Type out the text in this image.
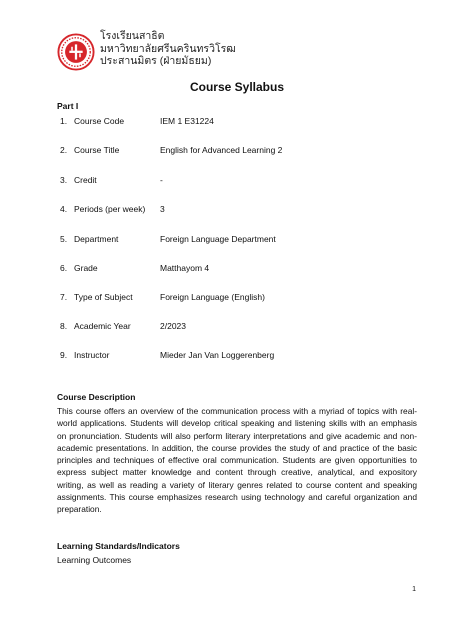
โรงเรียนสาธิต
มหาวิทยาลัยศรีนครินทรวิโรฒ
ประสานมิตร (ฝ่ายมัธยม)
Course Syllabus
Part I
1. Course Code	IEM 1 E31224
2. Course Title	English for Advanced Learning 2
3. Credit	-
4. Periods (per week) 3
5. Department	Foreign Language Department
6. Grade	Matthayom 4
7. Type of Subject	Foreign Language (English)
8. Academic Year	2/2023
9. Instructor	Mieder Jan Van Loggerenberg
Course Description
This course offers an overview of the communication process with a myriad of topics with real-world applications. Students will develop critical speaking and listening skills with an emphasis on pronunciation. Students will also perform literary interpretations and give academic and non-academic presentations. In addition, the course provides the study of and practice of the basic principles and techniques of effective oral communication. Students are given opportunities to express subject matter knowledge and content through creative, analytical, and expository writing, as well as reading a variety of literary genres related to course content and speaking assignments. This course emphasizes research using technology and careful organization and preparation.
Learning Standards/Indicators
Learning Outcomes
1
